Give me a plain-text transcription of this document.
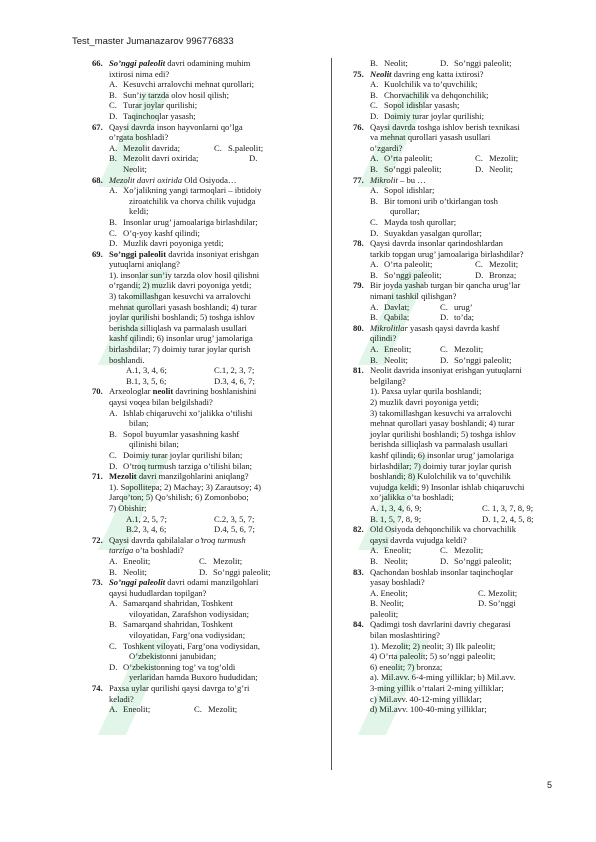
Test_master Jumanazarov 996776833
66. So’nggi paleolit davri odamining muhim
ixtirosi nima edi?
A. Kesuvchi arralovchi mehnat qurollari;
B. Sun’iy tarzda olov hosil qilish;
C. Turar joylar qurilishi;
D. Taqinchoqlar yasash;
67. Qaysi davrda inson hayvonlarni qo’lga
o’rgata boshladi?
A. Mezolit davrida;	C. S.paleolit;
B. Mezolit davri oxirida;	D.
Neolit;
68. Mezolit davri oxirida Old Osiyoda…
A. Xo’jalikning yangi tarmoqlari – ibtidoiy
ziroatchilik va chorva chilik vujudga
keldi;
B. Insonlar urug’ jamoalariga birlashdilar;
C. O’q-yoy kashf qilindi;
D. Muzlik davri poyoniga yetdi;
69. So’nggi paleolit davrida insoniyat erishgan
yutuqlarni aniqlang?
1). insonlar sun’iy tarzda olov hosil qilishni
o’rgandi; 2) muzlik davri poyoniga yetdi;
3) takomillashgan kesuvchi va arralovchi
mehnat qurollari yasash boshlandi; 4) turar
joylar qurilishi boshlandi; 5) toshga ishlov
berishda silliqlash va parmalash usullari
kashf qilindi; 6) insonlar urug’ jamolariga
birlashdilar; 7) doimiy turar joylar qurish
boshlandi.
A.1, 3, 4, 6;	C.1, 2, 3, 7;
B.1, 3, 5, 6;	D.3, 4, 6, 7;
70. Arxeologlar neolit davrining boshlanishini
qaysi voqea bilan belgilshadi?
A. Ishlab chiqaruvchi xo’jalikka o’tilishi
bilan;
B. Sopol buyumlar yasashning kashf
qilinishi bilan;
C. Doimiy turar joylar qurilishi bilan;
D. O’troq turmush tarziga o’tilishi bilan;
71. Mezolit davri manzilgohlarini aniqlang?
1). Sopollitepa; 2) Machay; 3) Zarautsoy; 4)
Jarqo’ton; 5) Qo’shilish; 6) Zomonbobo;
7) Obishir;
A.1, 2, 5, 7;	C.2, 3, 5, 7;
B.2, 3, 4, 6;	D.4, 5, 6, 7;
72. Qaysi davrda qabilalalar o’troq turmush
tarziga o’ta boshladi?
A. Eneolit;	C. Mezolit;
B. Neolit;	D. So’nggi paleolit;
73. So’nggi paleolit davri odami manzilgohlari
qaysi hududlardan topilgan?
A. Samarqand shahridan, Toshkent
viloyatidan, Zarafshon vodiysidan;
B. Samarqand shahridan, Toshkent
viloyatidan, Farg’ona vodiysidan;
C. Toshkent viloyati, Farg’ona vodiysidan,
O’zbekistonni janubidan;
D. O’zbekistonning tog’ va tog’oldi
yerlaridan hamda Buxoro hududidan;
74. Paxsa uylar qurilishi qaysi davrga to’g’ri
keladi?
A. Eneolit;	C. Mezolit;
B. Neolit;	D. So’nggi paleolit;
75. Neolit davring eng katta ixtirosi?
A. Kuolchilik va to’quvchilik;
B. Chorvachilik va dehqonchilik;
C. Sopol idishlar yasash;
D. Doimiy turar joylar qurilishi;
76. Qaysi davrda toshga ishlov berish texnikasi
va mehnat qurollari yasash usullari
o’zgardi?
A. O’rta paleolit;	C. Mezolit;
B. So’nggi paleolit;	D. Neolit;
77. Mikrolit – bu …
A. Sopol idishlar;
B. Bir tomoni urib o’tkirlangan tosh
qurollar;
C. Mayda tosh qurollar;
D. Suyakdan yasalgan qurollar;
78. Qaysi davrda insonlar qarindoshlardan
tarkib topgan urug’ jamoalariga birlashdilar?
A. O’rta paleolit;	C. Mezolit;
B. So’nggi paleolit;	D. Bronza;
79. Bir joyda yashab turgan bir qancha urug’lar
nimani tashkil qilishgan?
A. Davlat;	C. urug’
B. Qabila;	D. to’da;
80. Mikrolitlar yasash qaysi davrda kashf
qilindi?
A. Eneolit;	C. Mezolit;
B. Neolit;	D. So’nggi paleolit;
81. Neolit davrida insoniyat erishgan yutuqlarni
belgilang?
1). Paxsa uylar qurila boshlandi;
2) muzlik davri poyoniga yetdi;
3) takomillashgan kesuvchi va arralovchi
mehnat qurollari yasay boshlandi; 4) turar
joylar qurilishi boshlandi; 5) toshga ishlov
berishda silliqlash va parmalash usullari
kashf qilindi; 6) insonlar urug’ jamolariga
birlashdilar; 7) doimiy turar joylar qurish
boshlandi; 8) Kulolchilik va to’quvchilik
vujudga keldi; 9) Insonlar ishlab chiqaruvchi
xo’jalikka o’ta boshladi;
A. 1, 3, 4, 6, 9;	C. 1, 3, 7, 8, 9;
B. 1, 5, 7, 8, 9;	D. 1, 2, 4, 5, 8;
82. Old Osiyoda dehqonchilik va chorvachilik
qaysi davrda vujudga keldi?
A. Eneolit;	C. Mezolit;
B. Neolit;	D. So’nggi paleolit;
83. Qachondan boshlab insonlar taqinchoqlar
yasay boshladi?
A. Eneolit;	C. Mezolit;
B. Neolit;	D. So’nggi
paleolit;
84. Qadimgi tosh davrlarini davriy chegarasi
bilan moslashtiring?
1). Mezolit; 2) neolit; 3) Ilk paleolit;
4) O’rta paleolit; 5) so’nggi paleolit;
6) eneolit; 7) bronza;
a). Mil.avv. 6-4-ming yilliklar; b) Mil.avv.
3-ming yillik o’rtalari 2-ming yilliklar;
c) Mil.avv. 40-12-ming yilliklar;
d) Mil.avv. 100-40-ming yilliklar;
5
